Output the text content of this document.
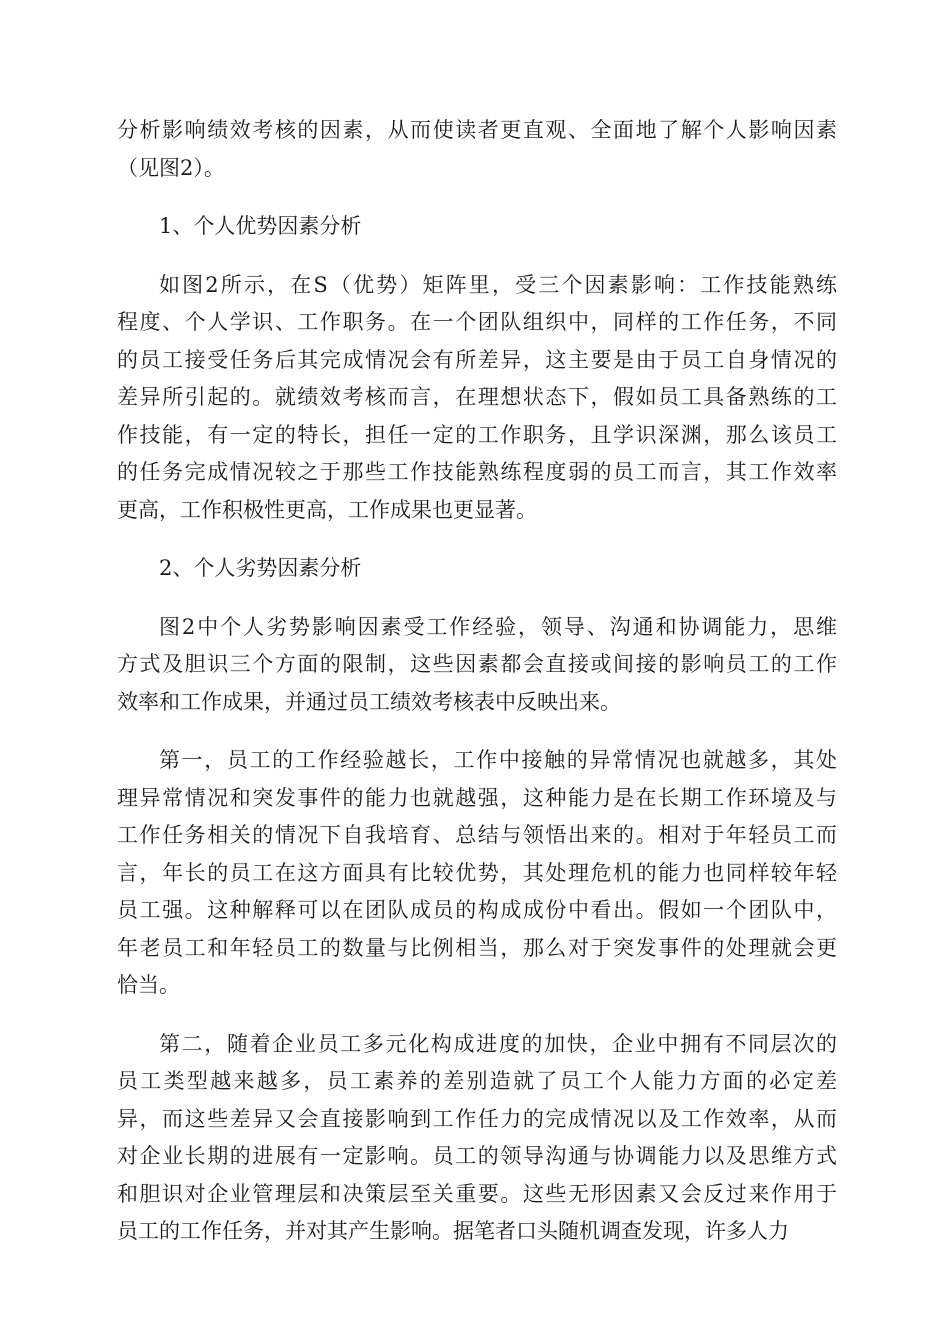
分析影响绩效考核的因素，从而使读者更直观、全面地了解个人影响因素
（见图2）。
1、个人优势因素分析
如图2所示，在S（优势）矩阵里，受三个因素影响：工作技能熟练
程度、个人学识、工作职务。在一个团队组织中，同样的工作任务，不同
的员工接受任务后其完成情况会有所差异，这主要是由于员工自身情况的
差异所引起的。就绩效考核而言，在理想状态下，假如员工具备熟练的工
作技能，有一定的特长，担任一定的工作职务，且学识深渊，那么该员工
的任务完成情况较之于那些工作技能熟练程度弱的员工而言，其工作效率
更高，工作积极性更高，工作成果也更显著。
2、个人劣势因素分析
图2中个人劣势影响因素受工作经验，领导、沟通和协调能力，思维
方式及胆识三个方面的限制，这些因素都会直接或间接的影响员工的工作
效率和工作成果，并通过员工绩效考核表中反映出来。
第一，员工的工作经验越长，工作中接触的异常情况也就越多，其处
理异常情况和突发事件的能力也就越强，这种能力是在长期工作环境及与
工作任务相关的情况下自我培育、总结与领悟出来的。相对于年轻员工而
言，年长的员工在这方面具有比较优势，其处理危机的能力也同样较年轻
员工强。这种解释可以在团队成员的构成成份中看出。假如一个团队中，
年老员工和年轻员工的数量与比例相当，那么对于突发事件的处理就会更
恰当。
第二，随着企业员工多元化构成进度的加快，企业中拥有不同层次的
员工类型越来越多，员工素养的差别造就了员工个人能力方面的必定差
异，而这些差异又会直接影响到工作任力的完成情况以及工作效率，从而
对企业长期的进展有一定影响。员工的领导沟通与协调能力以及思维方式
和胆识对企业管理层和决策层至关重要。这些无形因素又会反过来作用于
员工的工作任务，并对其产生影响。据笔者口头随机调查发现，许多人力
